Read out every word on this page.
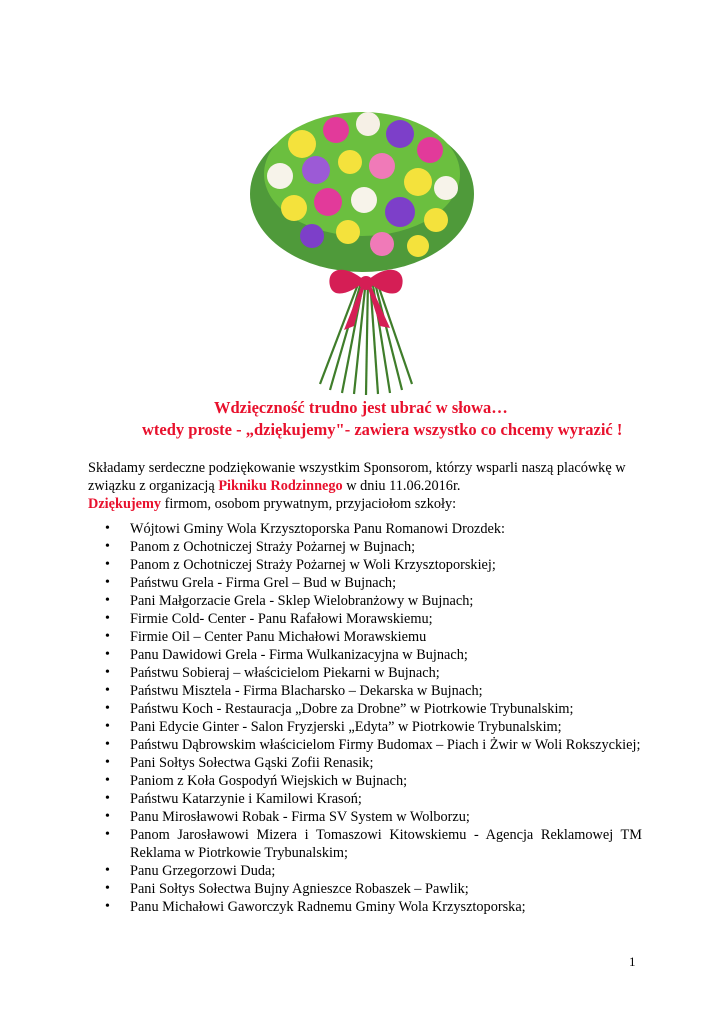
Wdzięczność trudno jest ubrać w słowa…
wtedy proste - „dziękujemy"- zawiera wszystko co chcemy wyrazić !

Składamy serdeczne podziękowanie wszystkim Sponsorom, którzy wsparli naszą placówkę w

związku z organizacją Pikniku Rodzinnego w dniu 11.06.2016r.

Dziękujemy firmom, osobom prywatnym, przyjaciołom szkoły:

• Wójtowi Gminy Wola Krzysztoporska Panu Romanowi Drozdek:
• Panom z Ochotniczej Straży Pożarnej w Bujnach;
• Panom z Ochotniczej Straży Pożarnej w Woli Krzysztoporskiej;
• Państwu Grela - Firma Grel – Bud w Bujnach;
• Pani Małgorzacie Grela - Sklep Wielobranżowy w Bujnach;
• Firmie Cold- Center - Panu Rafałowi Morawskiemu;
• Firmie Oil – Center Panu Michałowi Morawskiemu
• Panu Dawidowi Grela - Firma Wulkanizacyjna w Bujnach;
• Państwu Sobieraj – właścicielom Piekarni w Bujnach;
• Państwu Misztela - Firma Blacharsko – Dekarska w Bujnach;
• Państwu Koch - Restauracja „Dobre za Drobne” w Piotrkowie Trybunalskim;
• Pani Edycie Ginter - Salon Fryzjerski „Edyta” w Piotrkowie Trybunalskim;
• Państwu Dąbrowskim właścicielom Firmy Budomax – Piach i Żwir w Woli Rokszyckiej;
• Pani Sołtys Sołectwa Gąski Zofii Renasik;
• Paniom z Koła Gospodyń Wiejskich w Bujnach;
• Państwu Katarzynie i Kamilowi Krasoń;
• Panu Mirosławowi Robak - Firma SV System w Wolborzu;
• Panom Jarosławowi Mizera i Tomaszowi Kitowskiemu - Agencja Reklamowej TM Reklama w Piotrkowie Trybunalskim;
• Panu Grzegorzowi Duda;
• Pani Sołtys Sołectwa Bujny Agnieszce Robaszek – Pawlik;
• Panu Michałowi Gaworczyk Radnemu Gminy Wola Krzysztoporska;
1
